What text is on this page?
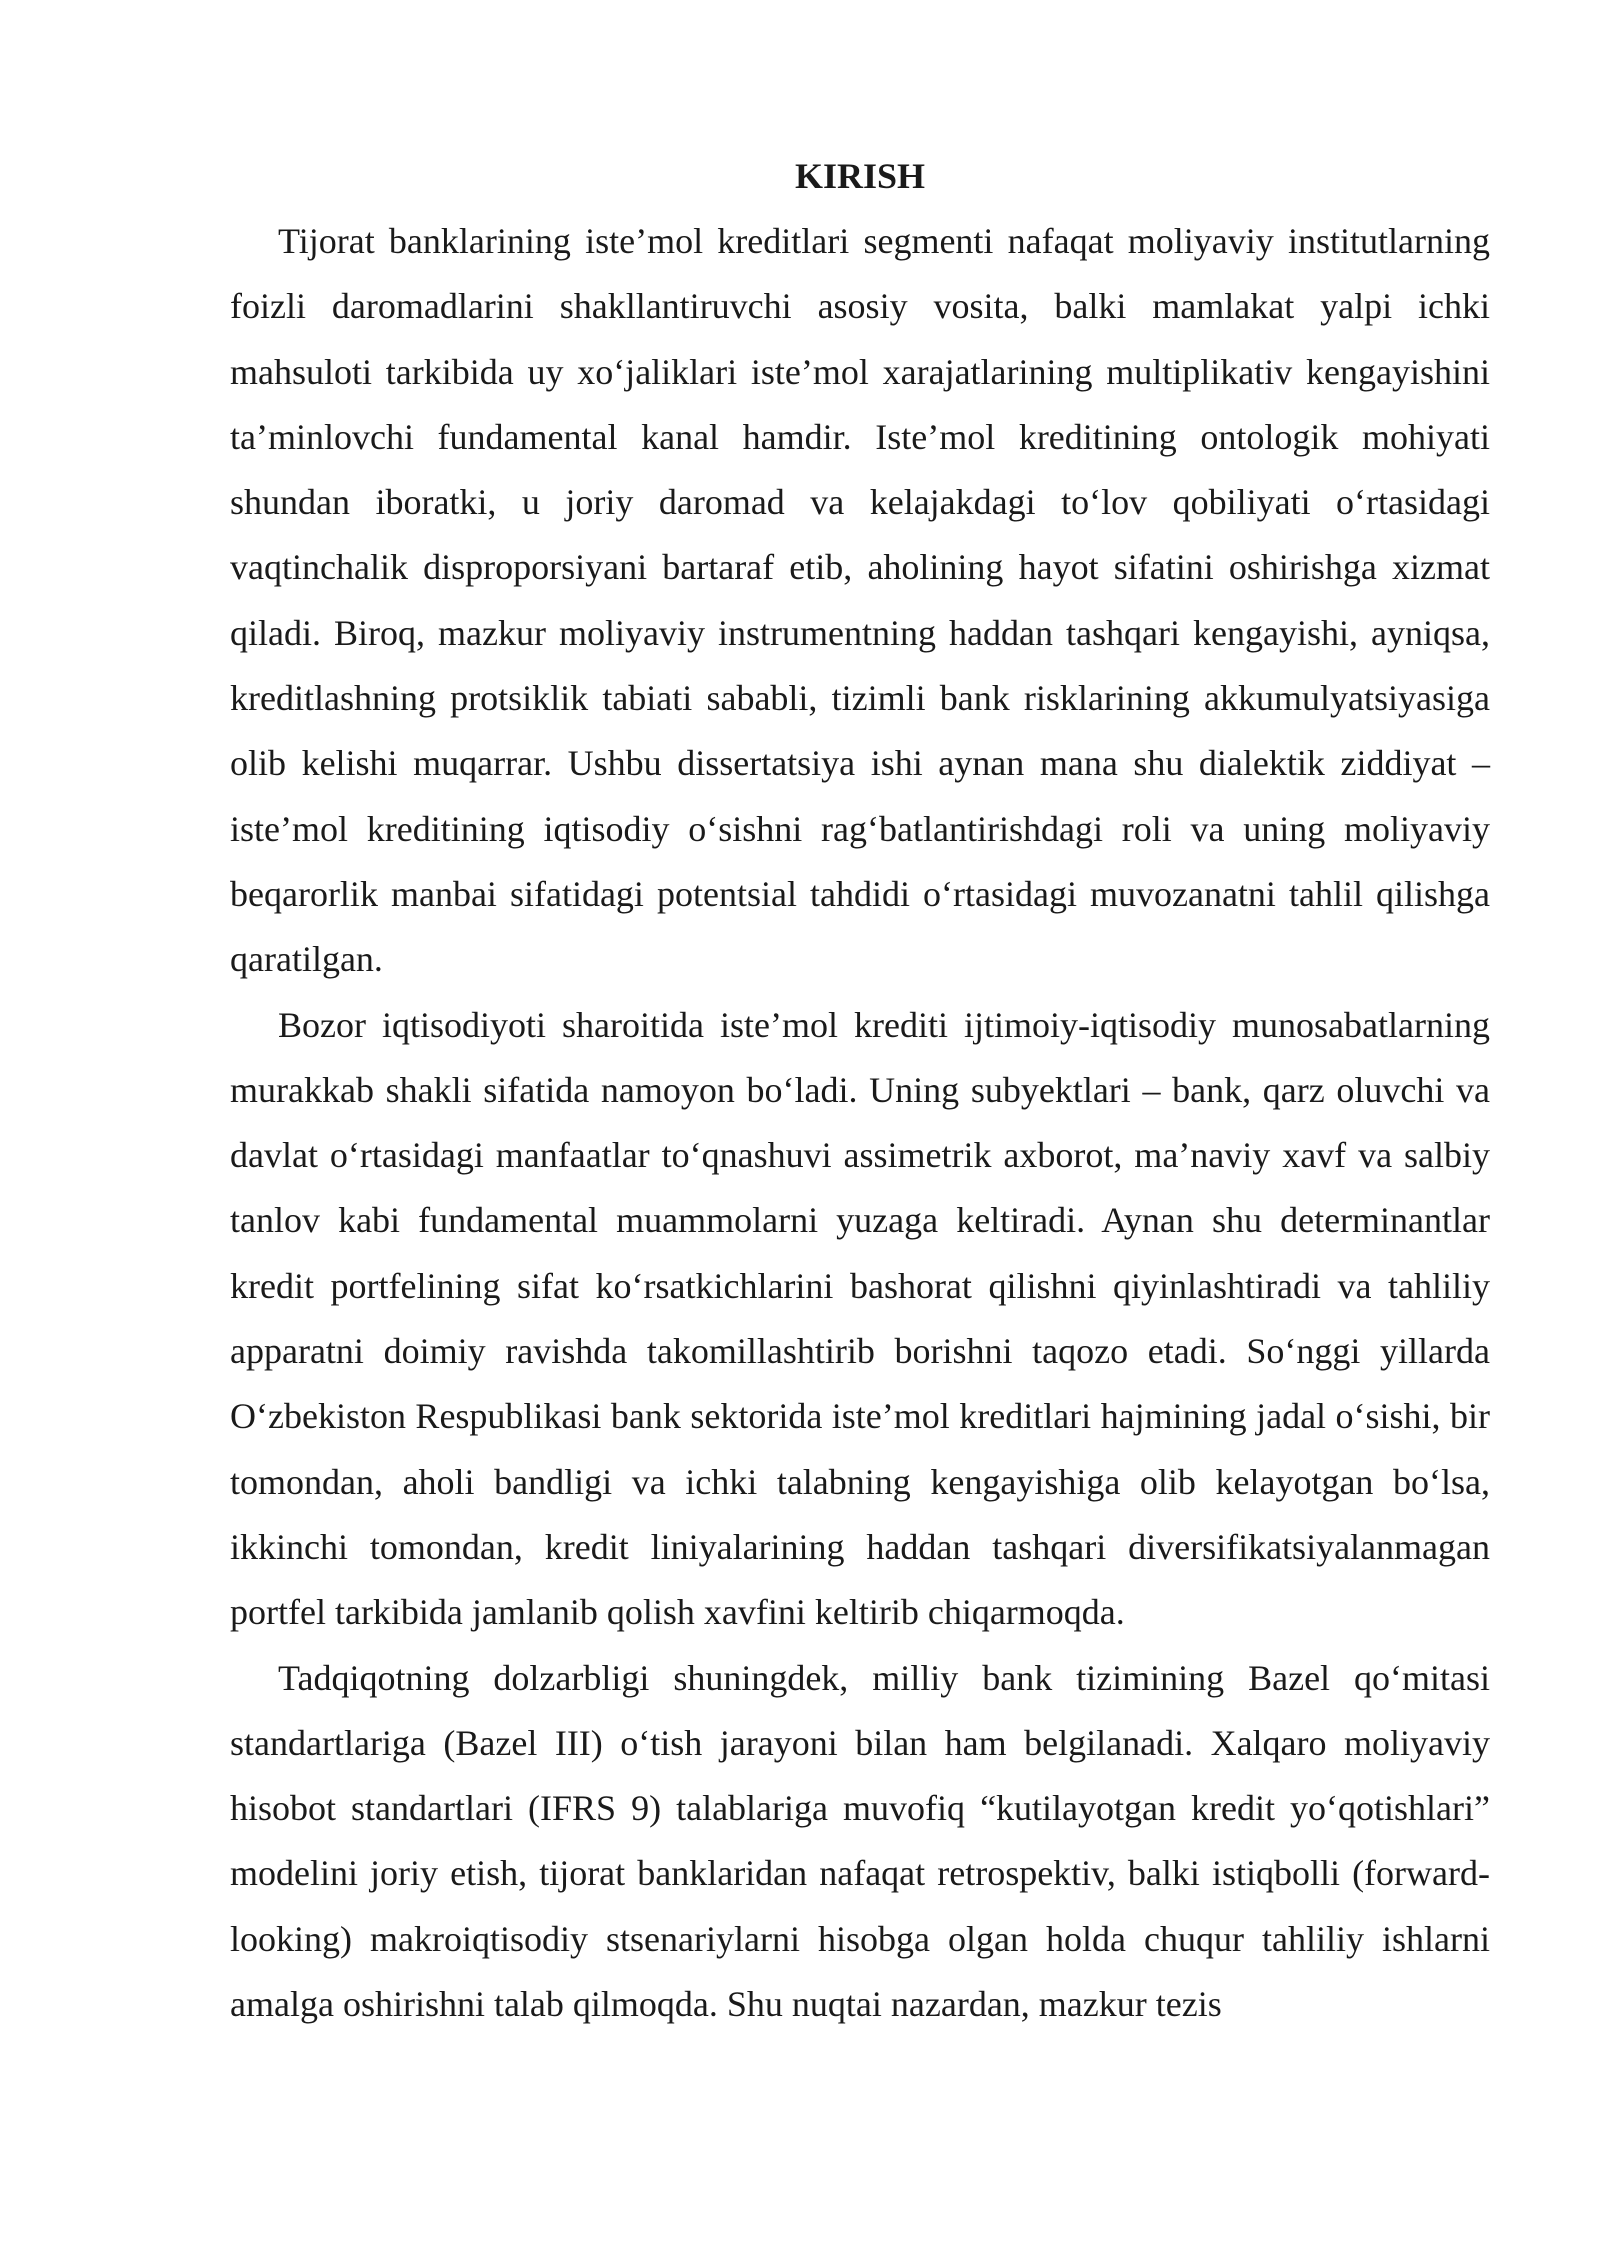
KIRISH

Tijorat banklarining iste’mol kreditlari segmenti nafaqat moliyaviy institutlarning foizli daromadlarini shakllantiruvchi asosiy vosita, balki mamlakat yalpi ichki mahsuloti tarkibida uy xo‘jaliklari iste’mol xarajatlarining multiplikativ kengayishini ta’minlovchi fundamental kanal hamdir. Iste’mol kreditining ontologik mohiyati shundan iboratki, u joriy daromad va kelajakdagi to‘lov qobiliyati o‘rtasidagi vaqtinchalik disproporsiyani bartaraf etib, aholining hayot sifatini oshirishga xizmat qiladi. Biroq, mazkur moliyaviy instrumentning haddan tashqari kengayishi, ayniqsa, kreditlashning protsiklik tabiati sababli, tizimli bank risklarining akkumulyatsiyasiga olib kelishi muqarrar. Ushbu dissertatsiya ishi aynan mana shu dialektik ziddiyat – iste’mol kreditining iqtisodiy o‘sishni rag‘batlantirishdagi roli va uning moliyaviy beqarorlik manbai sifatidagi potentsial tahdidi o‘rtasidagi muvozanatni tahlil qilishga qaratilgan.

Bozor iqtisodiyoti sharoitida iste’mol krediti ijtimoiy-iqtisodiy munosabatlarning murakkab shakli sifatida namoyon bo‘ladi. Uning subyektlari – bank, qarz oluvchi va davlat o‘rtasidagi manfaatlar to‘qnashuvi assimetrik axborot, ma’naviy xavf va salbiy tanlov kabi fundamental muammolarni yuzaga keltiradi. Aynan shu determinantlar kredit portfelining sifat ko‘rsatkichlarini bashorat qilishni qiyinlashtiradi va tahliliy apparatni doimiy ravishda takomillashtirib borishni taqozo etadi. So‘nggi yillarda O‘zbekiston Respublikasi bank sektorida iste’mol kreditlari hajmining jadal o‘sishi, bir tomondan, aholi bandligi va ichki talabning kengayishiga olib kelayotgan bo‘lsa, ikkinchi tomondan, kredit liniyalarining haddan tashqari diversifikatsiyalanmagan portfel tarkibida jamlanib qolish xavfini keltirib chiqarmoqda.

Tadqiqotning dolzarbligi shuningdek, milliy bank tizimining Bazel qo‘mitasi standartlariga (Bazel III) o‘tish jarayoni bilan ham belgilanadi. Xalqaro moliyaviy hisobot standartlari (IFRS 9) talablariga muvofiq “kutilayotgan kredit yo‘qotishlari” modelini joriy etish, tijorat banklaridan nafaqat retrospektiv, balki istiqbolli (forward-looking) makroiqtisodiy stsenariylarni hisobga olgan holda chuqur tahliliy ishlarni amalga oshirishni talab qilmoqda. Shu nuqtai nazardan, mazkur tezis
